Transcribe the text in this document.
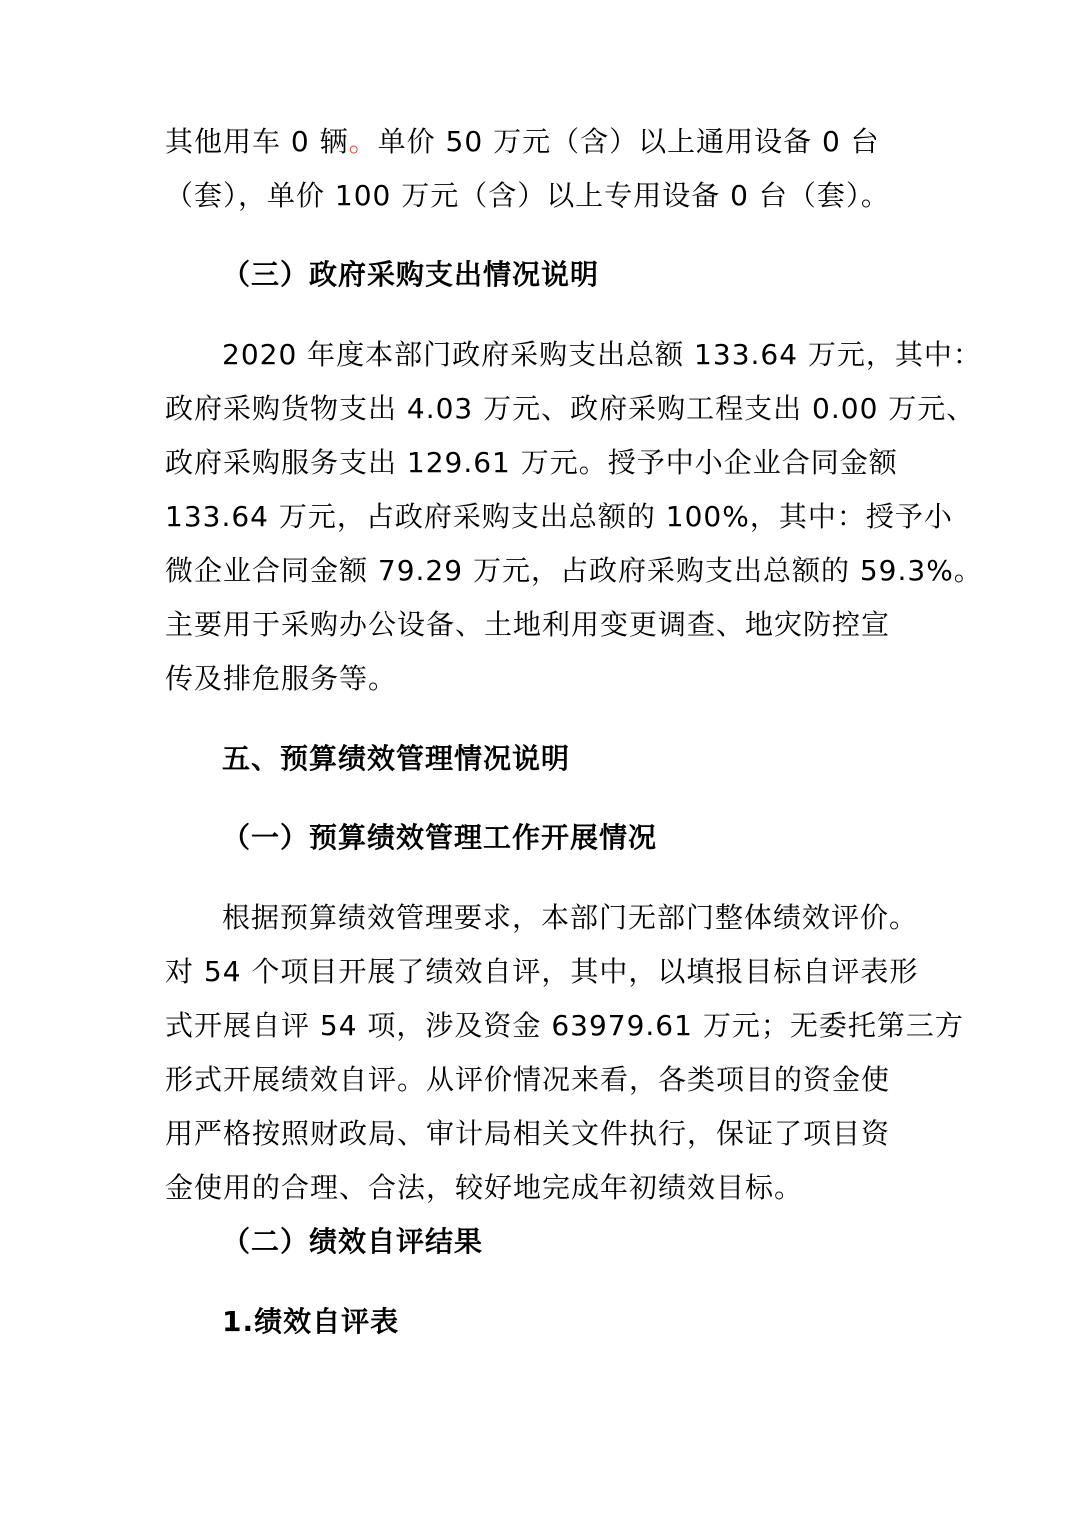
其他用车 0 辆。单价 50 万元（含）以上通用设备 0 台
（套），单价 100 万元（含）以上专用设备 0 台（套）。
（三）政府采购支出情况说明
2020 年度本部门政府采购支出总额 133.64 万元，其中：
政府采购货物支出 4.03 万元、政府采购工程支出 0.00 万元、
政府采购服务支出 129.61 万元。授予中小企业合同金额
133.64 万元，占政府采购支出总额的 100%，其中：授予小
微企业合同金额 79.29 万元，占政府采购支出总额的 59.3%。
主要用于采购办公设备、土地利用变更调查、地灾防控宣
传及排危服务等。
五、预算绩效管理情况说明
（一）预算绩效管理工作开展情况
根据预算绩效管理要求，本部门无部门整体绩效评价。
对 54 个项目开展了绩效自评，其中，以填报目标自评表形
式开展自评 54 项，涉及资金 63979.61 万元；无委托第三方
形式开展绩效自评。从评价情况来看，各类项目的资金使
用严格按照财政局、审计局相关文件执行，保证了项目资
金使用的合理、合法，较好地完成年初绩效目标。
（二）绩效自评结果
1.绩效自评表
